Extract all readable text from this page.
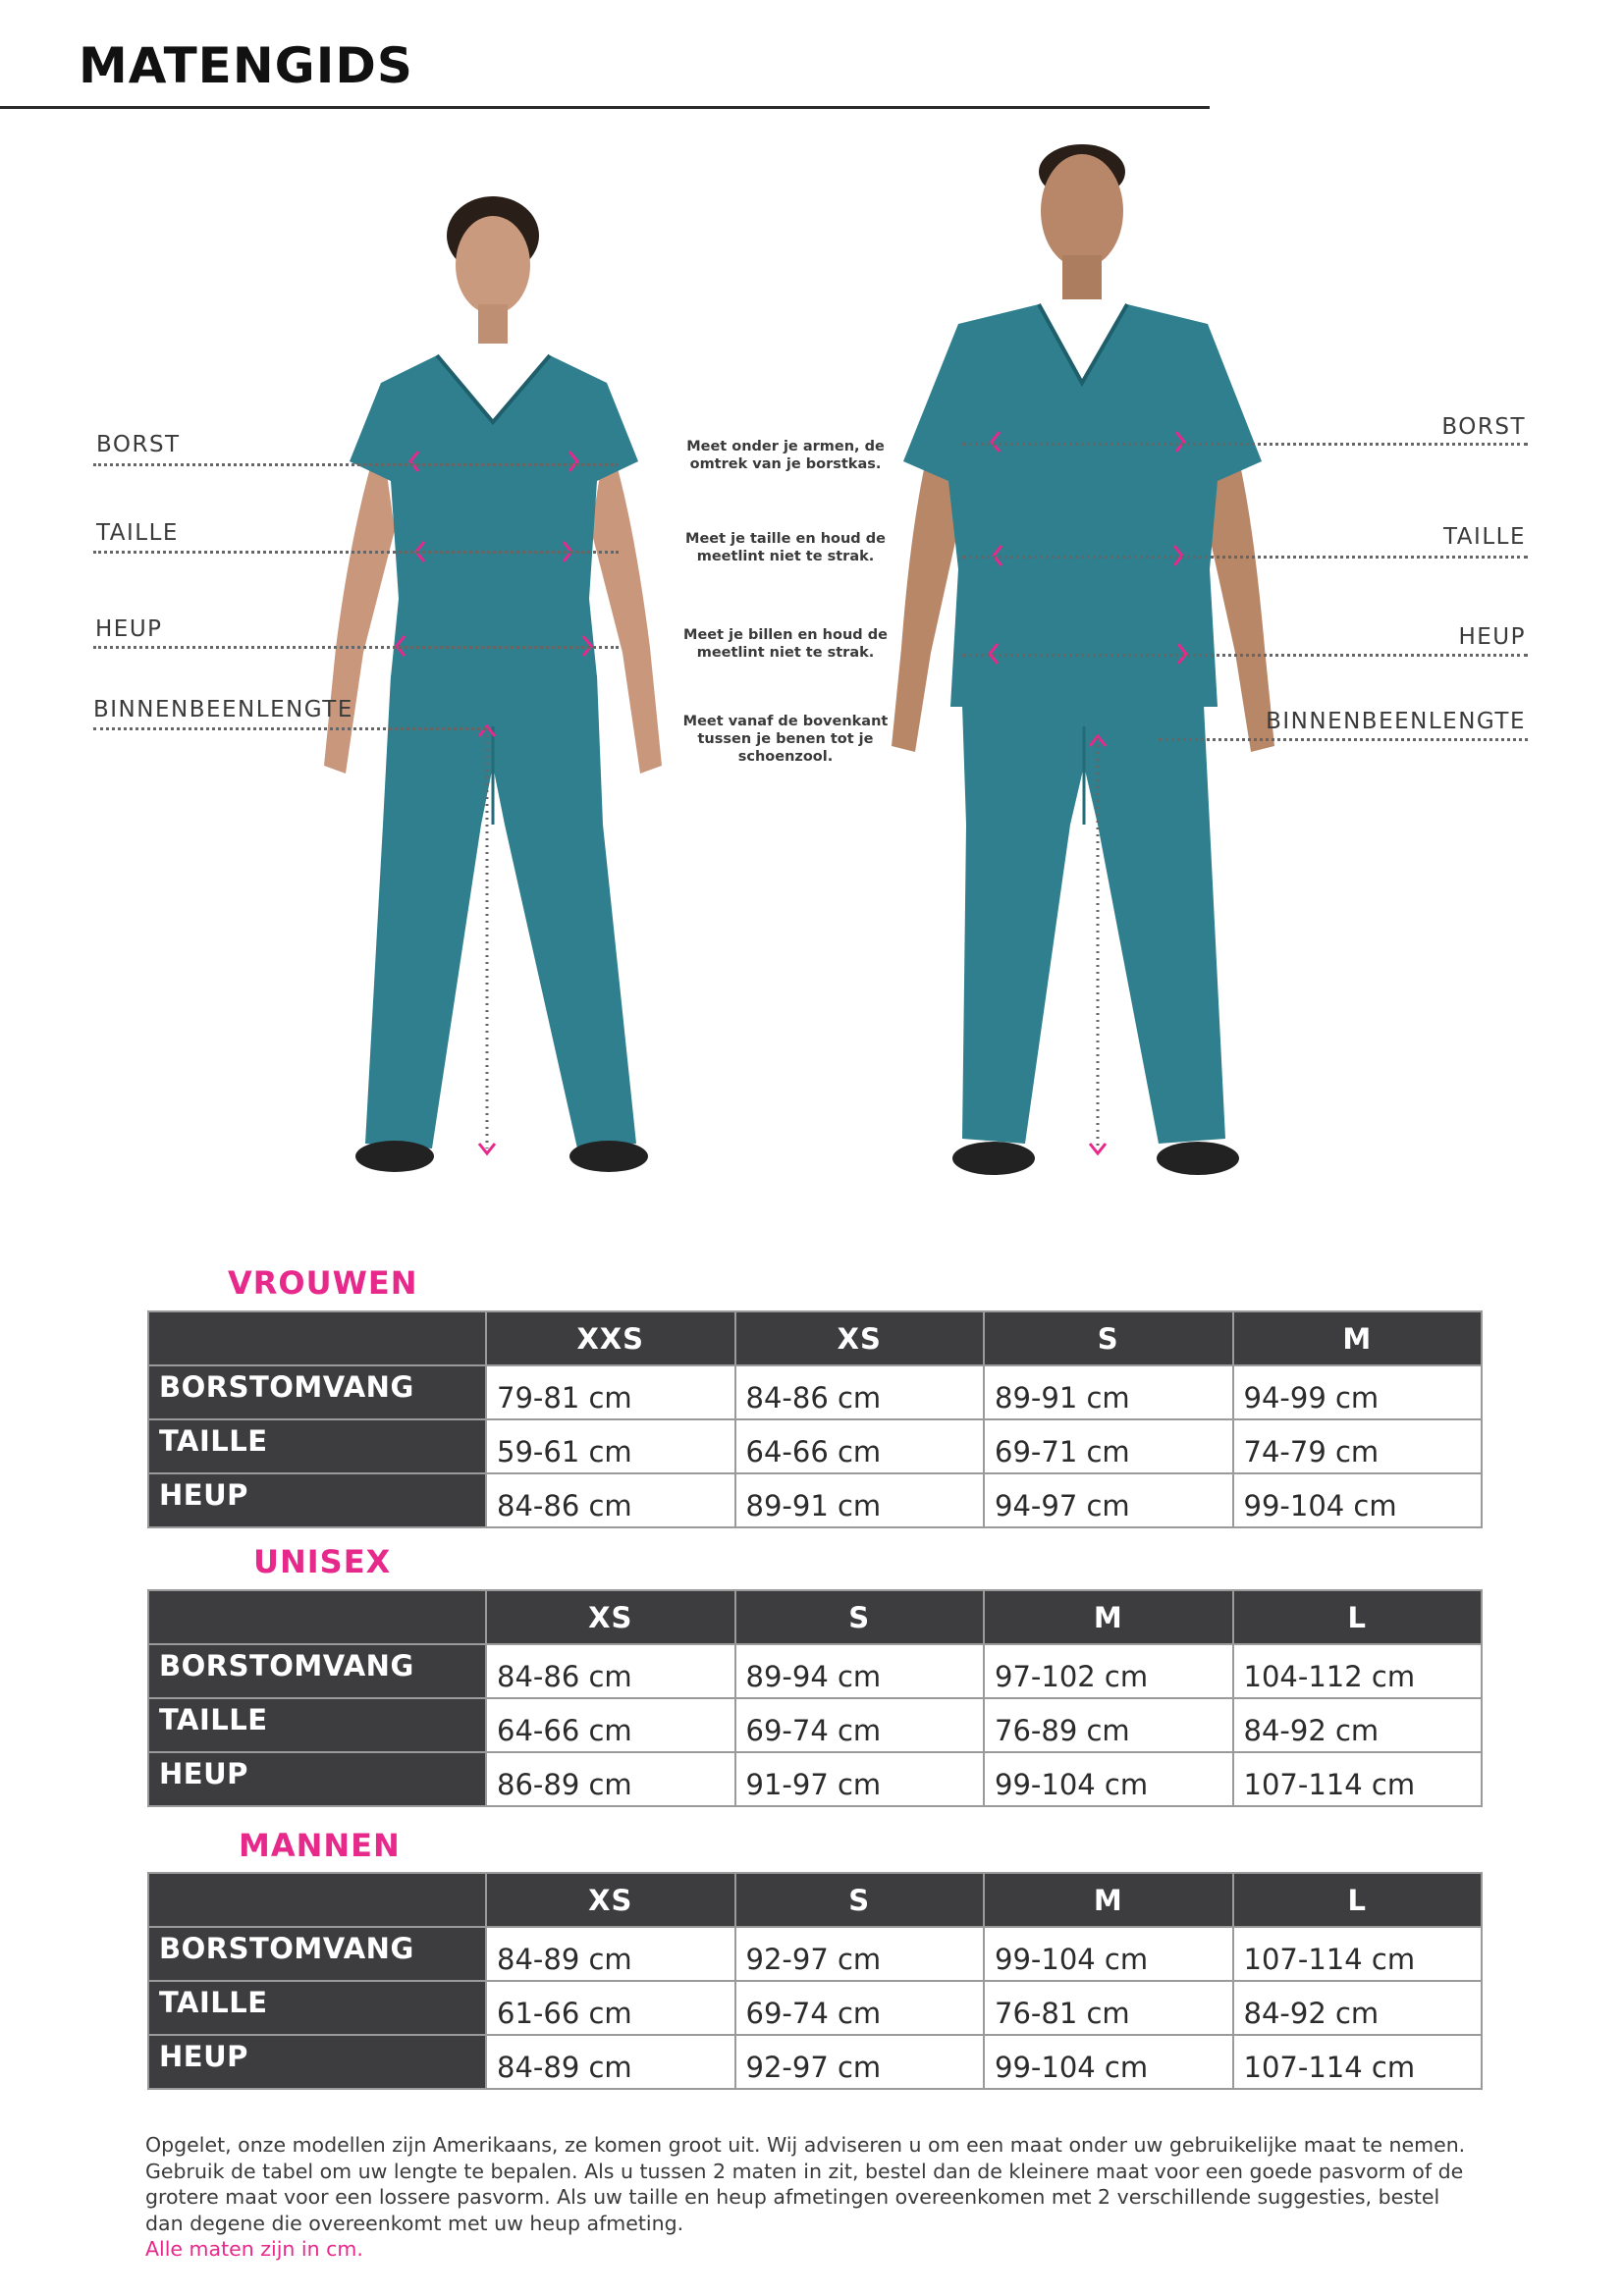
MATENGIDS
BORST
TAILLE
HEUP
BINNENBEENLENGTE
Meet onder je armen, de omtrek van je borstkas.
Meet je taille en houd de meetlint niet te strak.
Meet je billen en houd de meetlint niet te strak.
Meet vanaf de bovenkant tussen je benen tot je schoenzool.
BORST
TAILLE
HEUP
BINNENBEENLENGTE
VROUWEN
	XXS	XS	S	M
BORSTOMVANG	79-81 cm	84-86 cm	89-91 cm	94-99 cm
TAILLE	59-61 cm	64-66 cm	69-71 cm	74-79 cm
HEUP	84-86 cm	89-91 cm	94-97 cm	99-104 cm
UNISEX
	XS	S	M	L
BORSTOMVANG	84-86 cm	89-94 cm	97-102 cm	104-112 cm
TAILLE	64-66 cm	69-74 cm	76-89 cm	84-92 cm
HEUP	86-89 cm	91-97 cm	99-104 cm	107-114 cm
MANNEN
	XS	S	M	L
BORSTOMVANG	84-89 cm	92-97 cm	99-104 cm	107-114 cm
TAILLE	61-66 cm	69-74 cm	76-81 cm	84-92 cm
HEUP	84-89 cm	92-97 cm	99-104 cm	107-114 cm
Opgelet, onze modellen zijn Amerikaans, ze komen groot uit. Wij adviseren u om een maat onder uw gebruikelijke maat te nemen. Gebruik de tabel om uw lengte te bepalen. Als u tussen 2 maten in zit, bestel dan de kleinere maat voor een goede pasvorm of de grotere maat voor een lossere pasvorm. Als uw taille en heup afmetingen overeenkomen met 2 verschillende suggesties, bestel dan degene die overeenkomt met uw heup afmeting.
Alle maten zijn in cm.
